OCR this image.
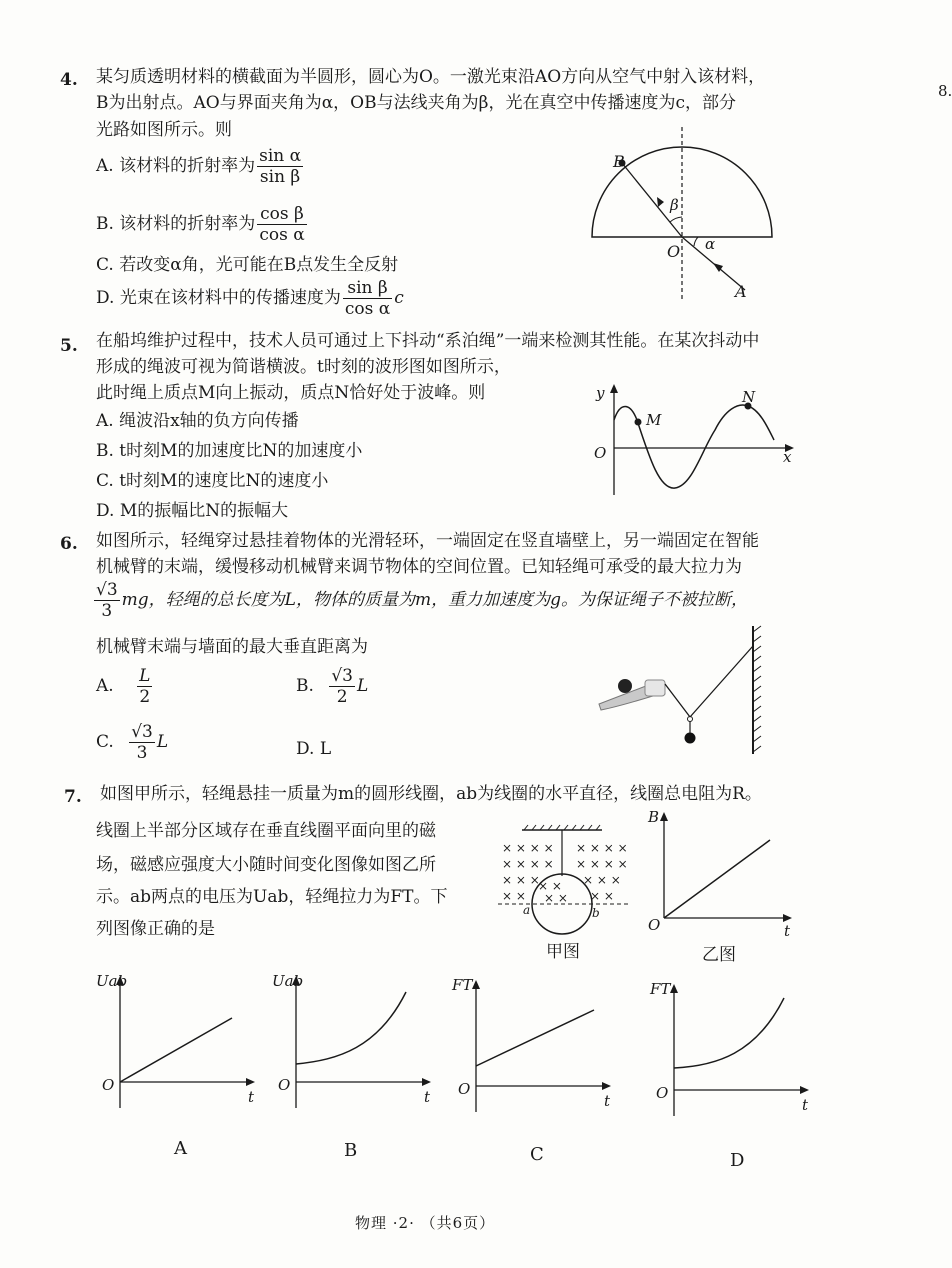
8.
4. 某匀质透明材料的横截面为半圆形，圆心为O。一激光束沿AO方向从空气中射入该材料，
B为出射点。AO与界面夹角为α，OB与法线夹角为β，光在真空中传播速度为c，部分
光路如图所示。则
A. 该材料的折射率为 $\frac{\text{sin α}}{\text{sin β}}$
B. 该材料的折射率为 $\frac{\text{cos β}}{\text{cos α}}$
C. 若改变α角，光可能在B点发生全反射
D. 光束在该材料中的传播速度为 $\frac{\text{sin β}}{\text{cos α}}$ c
B
O
A
α
β
5. 在船坞维护过程中，技术人员可通过上下抖动“系泊绳”一端来检测其性能。在某次抖动中
形成的绳波可视为简谐横波。t时刻的波形图如图所示，
此时绳上质点M向上振动，质点N恰好处于波峰。则
A. 绳波沿x轴的负方向传播
B. t时刻M的加速度比N的加速度小
C. t时刻M的速度比N的速度小
D. M的振幅比N的振幅大
y
O	x
M
N
6. 如图所示，轻绳穿过悬挂着物体的光滑轻环，一端固定在竖直墙壁上，另一端固定在智能
机械臂的末端，缓慢移动机械臂来调节物体的空间位置。已知轻绳可承受的最大拉力为
$\frac{√3}{3}$ mg，轻绳的总长度为L，物体的质量为m，重力加速度为g。为保证绳子不被拉断，
机械臂末端与墙面的最大垂直距离为
A. $\frac{L}{2}$	B. $\frac{√3}{2}$ L
C. $\frac{√3}{3}$ L	D. L
7. 如图甲所示，轻绳悬挂一质量为m的圆形线圈，ab为线圈的水平直径，线圈总电阻为R。
线圈上半部分区域存在垂直线圈平面向里的磁
场，磁感应强度大小随时间变化图像如图乙所
示。ab两点的电压为Uab，轻绳拉力为FT。下
列图像正确的是
× × × × × × × ×
× × × × × × × ×
× × ×	× × ×
× ×	× ×
× ×
× ×
a	b
甲图
B
O	t
乙图
Uab
O
t
A
Uab
O
t
B
FT
O
t
C
FT
O
t
D
物理 ·2· （共6页）
